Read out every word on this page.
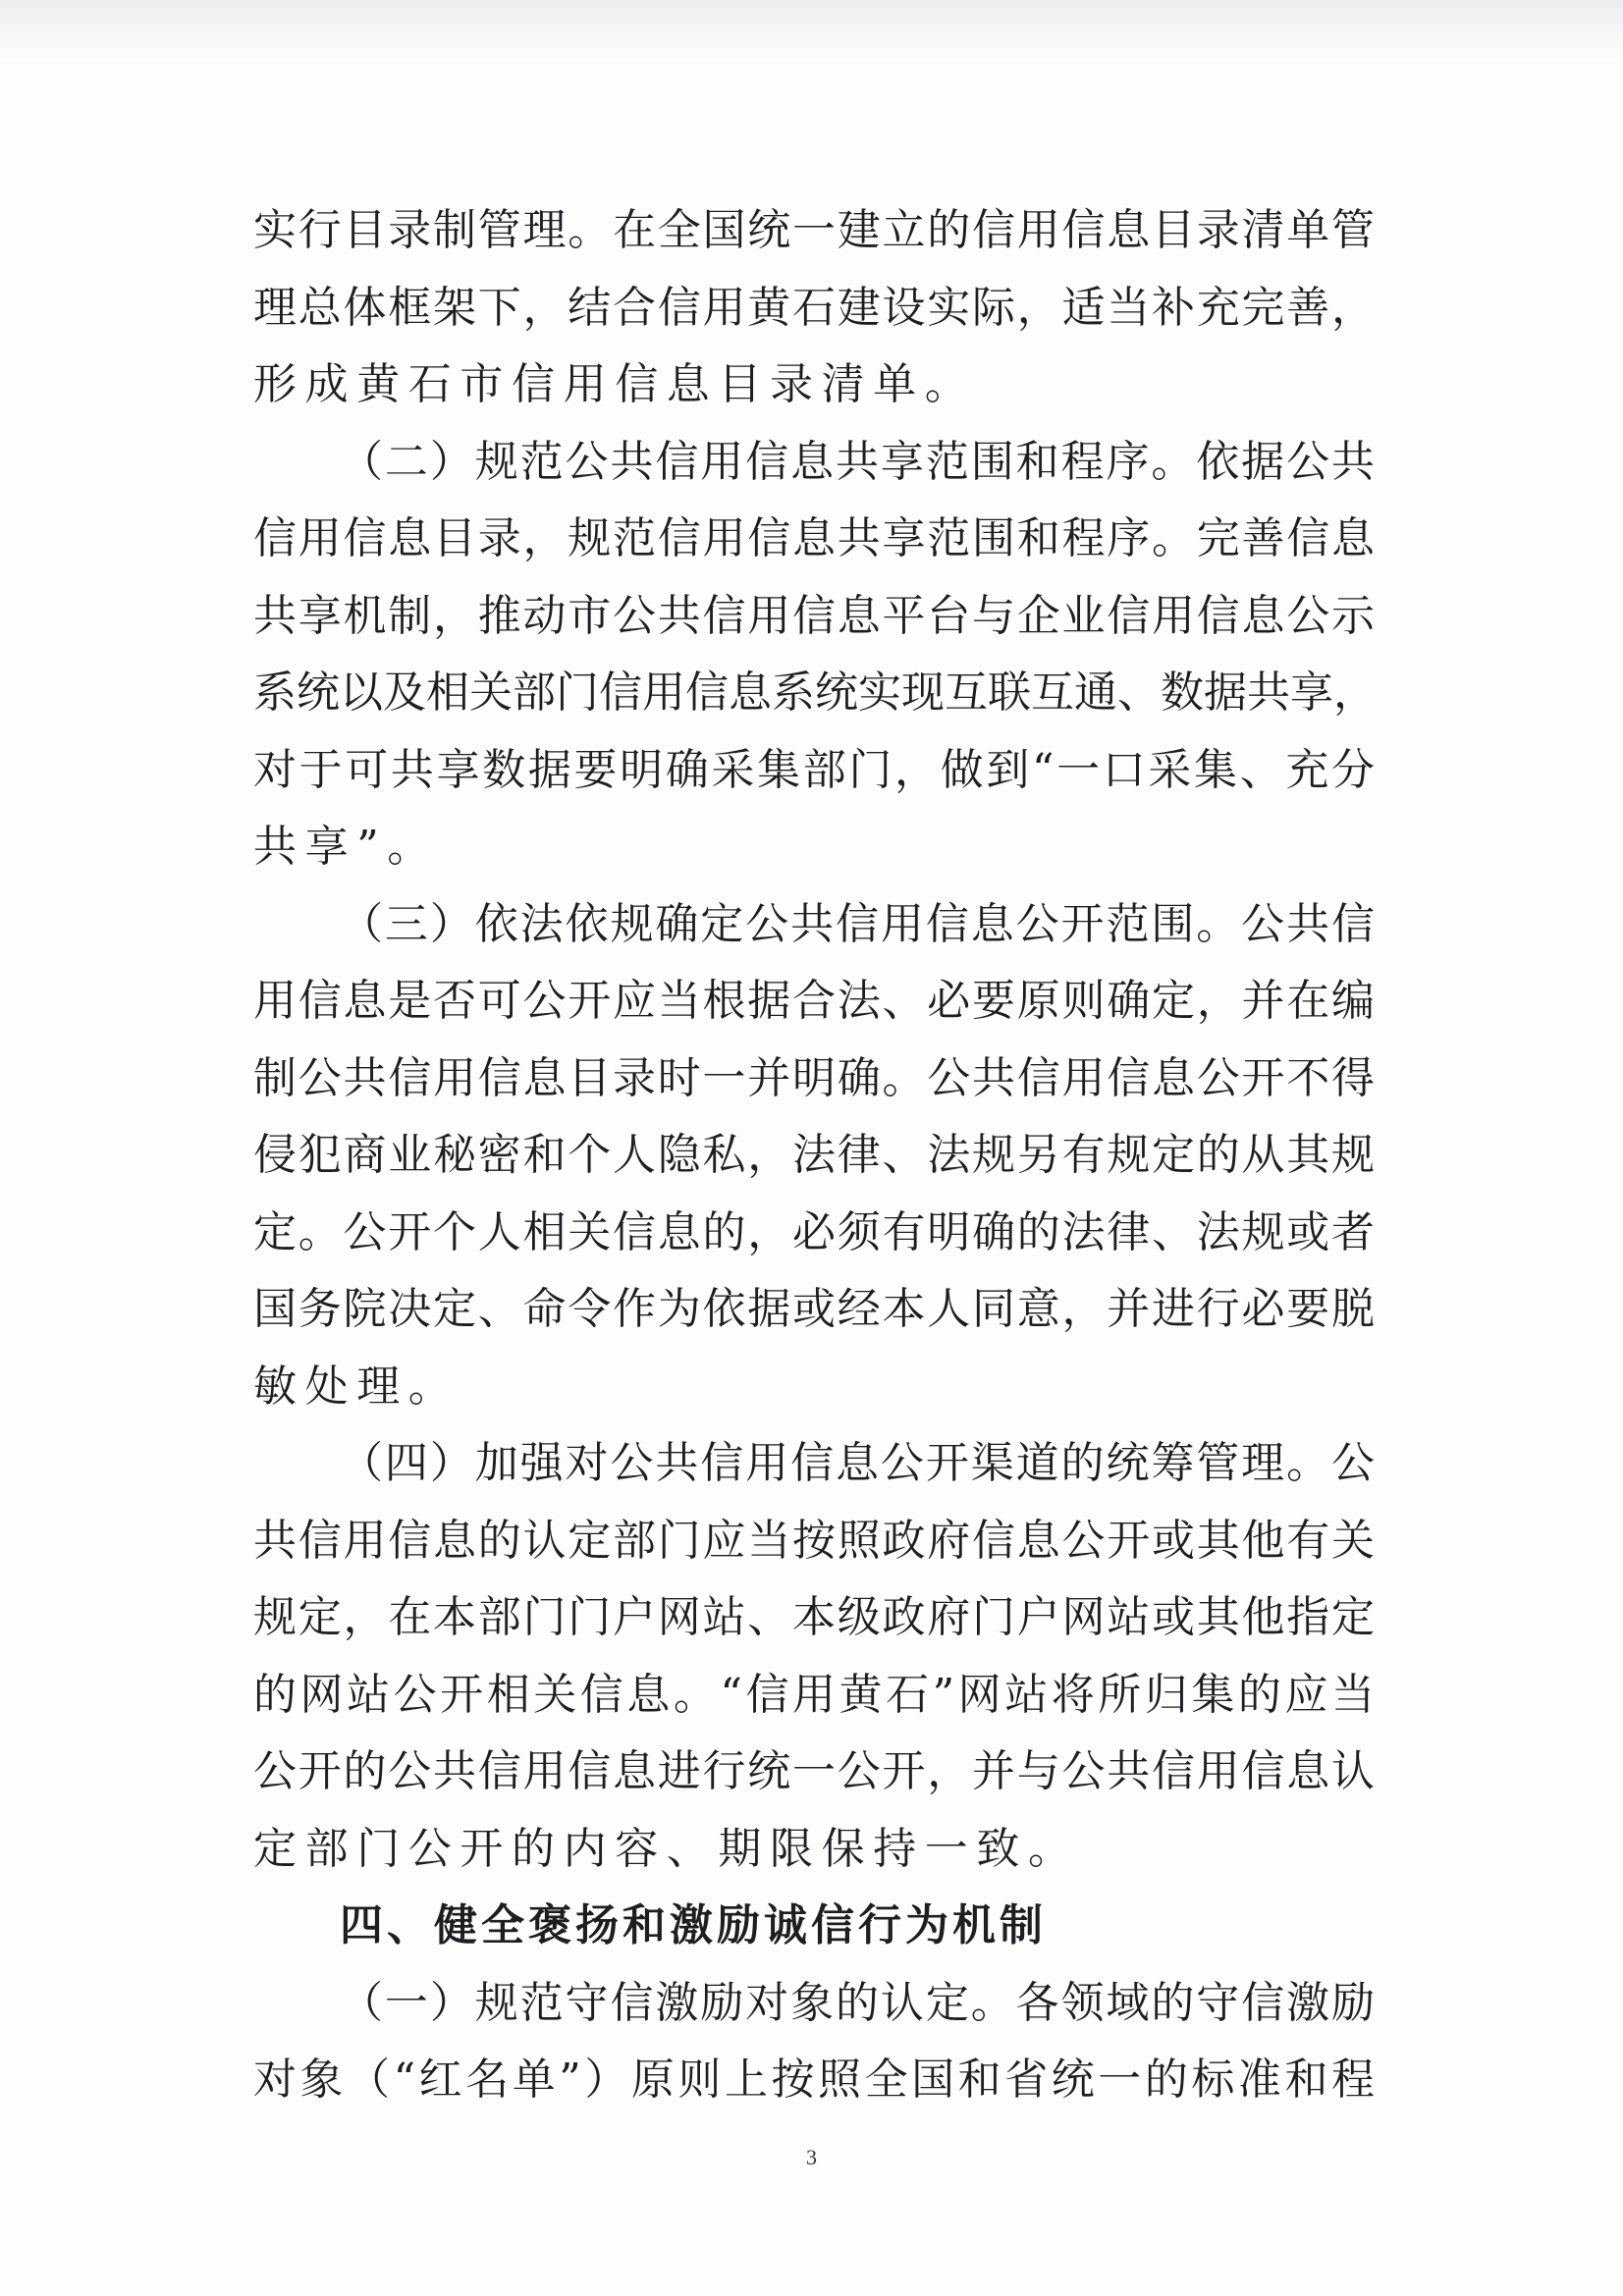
实行目录制管理。在全国统一建立的信用信息目录清单管
理总体框架下，结合信用黄石建设实际，适当补充完善，
形成黄石市信用信息目录清单。
（二）规范公共信用信息共享范围和程序。依据公共
信用信息目录，规范信用信息共享范围和程序。完善信息
共享机制，推动市公共信用信息平台与企业信用信息公示
系统以及相关部门信用信息系统实现互联互通、数据共享，
对于可共享数据要明确采集部门，做到“一口采集、充分
共享”。
（三）依法依规确定公共信用信息公开范围。公共信
用信息是否可公开应当根据合法、必要原则确定，并在编
制公共信用信息目录时一并明确。公共信用信息公开不得
侵犯商业秘密和个人隐私，法律、法规另有规定的从其规
定。公开个人相关信息的，必须有明确的法律、法规或者
国务院决定、命令作为依据或经本人同意，并进行必要脱
敏处理。
（四）加强对公共信用信息公开渠道的统筹管理。公
共信用信息的认定部门应当按照政府信息公开或其他有关
规定，在本部门门户网站、本级政府门户网站或其他指定
的网站公开相关信息。“信用黄石”网站将所归集的应当
公开的公共信用信息进行统一公开，并与公共信用信息认
定部门公开的内容、期限保持一致。
四、健全褒扬和激励诚信行为机制
（一）规范守信激励对象的认定。各领域的守信激励
对象（“红名单”）原则上按照全国和省统一的标准和程
3
